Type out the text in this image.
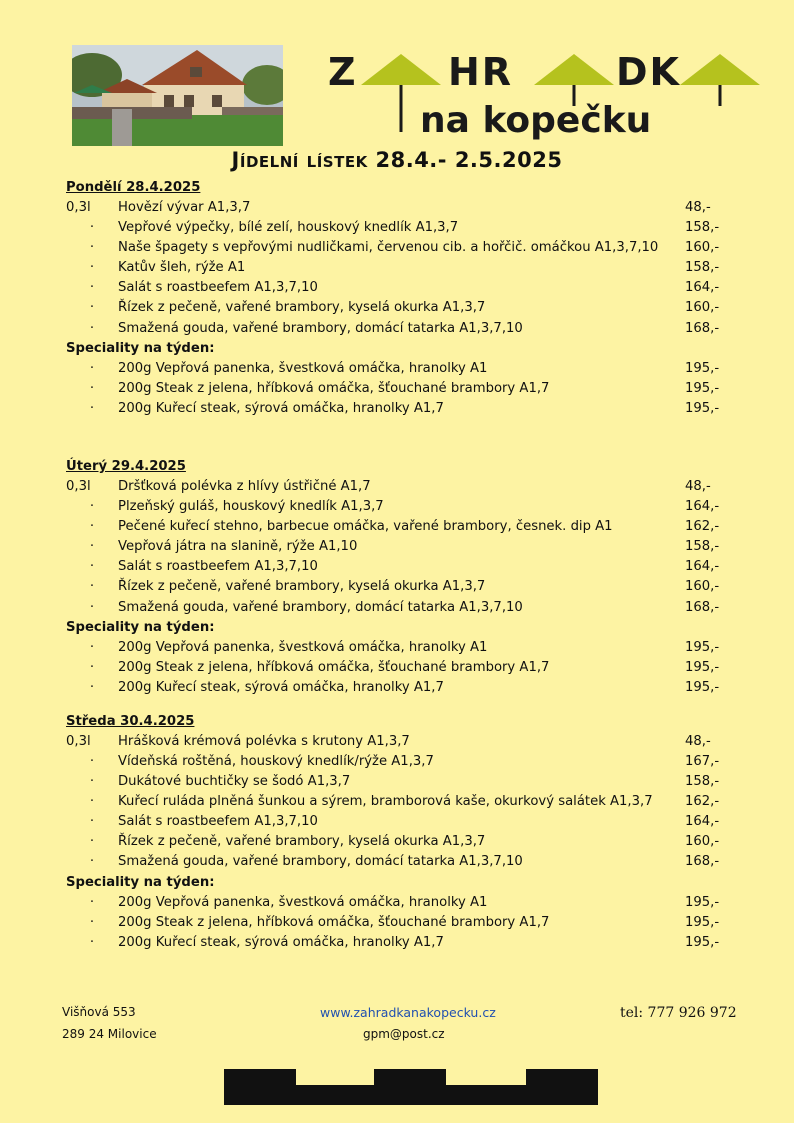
Z HR	DK
na kopečku
Jídelní lístek 28.4.- 2.5.2025
Pondělí 28.4.2025
0,3l	Hovězí vývar A1,3,7	48,-
·	Vepřové výpečky, bílé zelí, houskový knedlík A1,3,7	158,-
·	Naše špagety s vepřovými nudličkami, červenou cib. a hořčič. omáčkou A1,3,7,10	160,-
·	Katův šleh, rýže A1	158,-
·	Salát s roastbeefem A1,3,7,10	164,-
·	Řízek z pečeně, vařené brambory, kyselá okurka A1,3,7	160,-
·	Smažená gouda, vařené brambory, domácí tatarka A1,3,7,10	168,-
Speciality na týden:
·	200g Vepřová panenka, švestková omáčka, hranolky A1	195,-
·	200g Steak z jelena, hříbková omáčka, šťouchané brambory A1,7	195,-
·	200g Kuřecí steak, sýrová omáčka, hranolky A1,7	195,-
Úterý 29.4.2025
0,3l	Dršťková polévka z hlívy ústřičné A1,7	48,-
·	Plzeňský guláš, houskový knedlík A1,3,7	164,-
·	Pečené kuřecí stehno, barbecue omáčka, vařené brambory, česnek. dip A1	162,-
·	Vepřová játra na slanině, rýže A1,10	158,-
·	Salát s roastbeefem A1,3,7,10	164,-
·	Řízek z pečeně, vařené brambory, kyselá okurka A1,3,7	160,-
·	Smažená gouda, vařené brambory, domácí tatarka A1,3,7,10	168,-
Speciality na týden:
·	200g Vepřová panenka, švestková omáčka, hranolky A1	195,-
·	200g Steak z jelena, hříbková omáčka, šťouchané brambory A1,7	195,-
·	200g Kuřecí steak, sýrová omáčka, hranolky A1,7	195,-
Středa 30.4.2025
0,3l	Hrášková krémová polévka s krutony A1,3,7	48,-
·	Vídeňská roštěná, houskový knedlík/rýže A1,3,7	167,-
·	Dukátové buchtičky se šodó A1,3,7	158,-
·	Kuřecí ruláda plněná šunkou a sýrem, bramborová kaše, okurkový salátek A1,3,7	162,-
·	Salát s roastbeefem A1,3,7,10	164,-
·	Řízek z pečeně, vařené brambory, kyselá okurka A1,3,7	160,-
·	Smažená gouda, vařené brambory, domácí tatarka A1,3,7,10	168,-
Speciality na týden:
·	200g Vepřová panenka, švestková omáčka, hranolky A1	195,-
·	200g Steak z jelena, hříbková omáčka, šťouchané brambory A1,7	195,-
·	200g Kuřecí steak, sýrová omáčka, hranolky A1,7	195,-
Višňová 553
289 24 Milovice
www.zahradkanakopecku.cz
gpm@post.cz
tel: 777 926 972
